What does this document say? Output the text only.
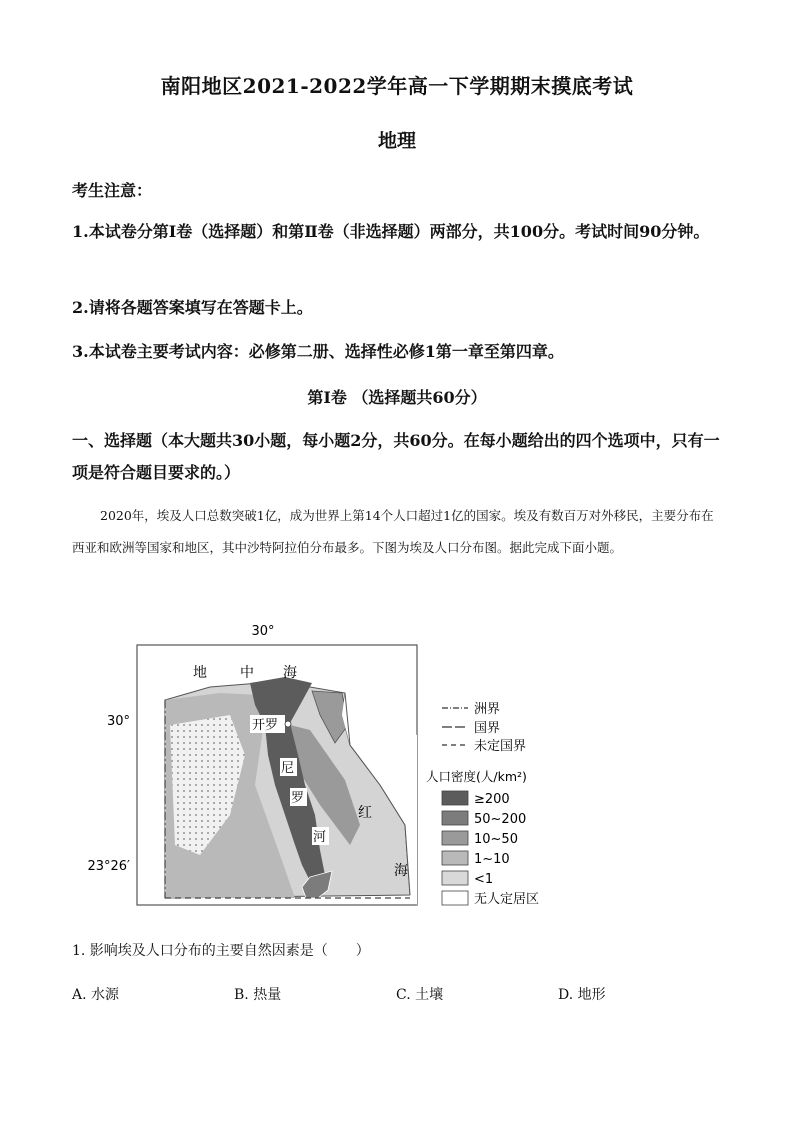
南阳地区2021-2022学年高一下学期期末摸底考试
地理
考生注意：
1.本试卷分第Ⅰ卷（选择题）和第Ⅱ卷（非选择题）两部分，共100分。考试时间90分钟。
2.请将各题答案填写在答题卡上。
3.本试卷主要考试内容：必修第二册、选择性必修1第一章至第四章。
第Ⅰ卷 （选择题共60分）
一、选择题（本大题共30小题，每小题2分，共60分。在每小题给出的四个选项中，只有一项是符合题目要求的。）
2020年，埃及人口总数突破1亿，成为世界上第14个人口超过1亿的国家。埃及有数百万对外移民，主要分布在西亚和欧洲等国家和地区，其中沙特阿拉伯分布最多。下图为埃及人口分布图。据此完成下面小题。
30°
30°
23°26′
地 中 海
红
海
开罗
尼
罗
河
洲界
国界
未定国界
人口密度(人/km²)
≥200
50~200
10~50
1~10
<1
无人定居区
1. 影响埃及人口分布的主要自然因素是（　　）
A. 水源	B. 热量	C. 土壤	D. 地形
